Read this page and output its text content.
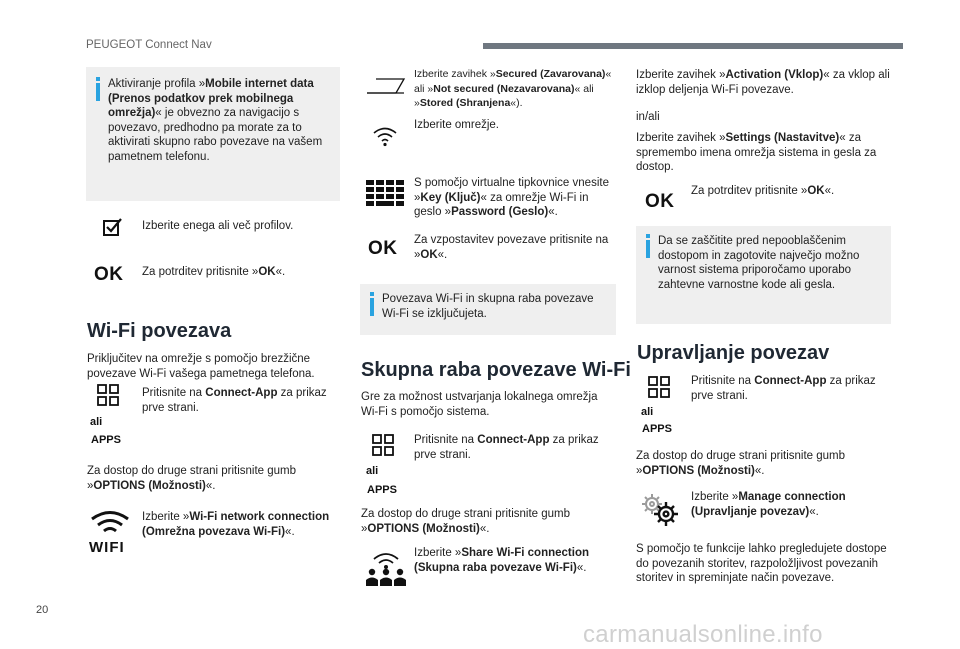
PEUGEOT Connect Nav
Aktiviranje profila »Mobile internet data (Prenos podatkov prek mobilnega omrežja)« je obvezno za navigacijo s povezavo, predhodno pa morate za to aktivirati skupno rabo povezave na vašem pametnem telefonu.
Izberite enega ali več profilov.
OK Za potrditev pritisnite »OK«.
Wi-Fi povezava
Priključitev na omrežje s pomočjo brezžične povezave Wi-Fi vašega pametnega telefona.
ali
APPS
Pritisnite na Connect-App za prikaz prve strani.
Za dostop do druge strani pritisnite gumb »OPTIONS (Možnosti)«.
WIFI
Izberite »Wi-Fi network connection (Omrežna povezava Wi-Fi)«.
Izberite zavihek »Secured (Zavarovana)« ali »Not secured (Nezavarovana)« ali »Stored (Shranjena«).
Izberite omrežje.
S pomočjo virtualne tipkovnice vnesite »Key (Ključ)« za omrežje Wi-Fi in geslo »Password (Geslo)«.
OK Za vzpostavitev povezave pritisnite na »OK«.
Povezava Wi-Fi in skupna raba povezave Wi-Fi se izključujeta.
Skupna raba povezave Wi-Fi
Gre za možnost ustvarjanja lokalnega omrežja Wi-Fi s pomočjo sistema.
ali
APPS
Pritisnite na Connect-App za prikaz prve strani.
Za dostop do druge strani pritisnite gumb »OPTIONS (Možnosti)«.
Izberite »Share Wi-Fi connection (Skupna raba povezave Wi-Fi)«.
Izberite zavihek »Activation (Vklop)« za vklop ali izklop deljenja Wi-Fi povezave.
in/ali
Izberite zavihek »Settings (Nastavitve)« za spremembo imena omrežja sistema in gesla za dostop.
OK Za potrditev pritisnite »OK«.
Da se zaščitite pred nepooblaščenim dostopom in zagotovite največjo možno varnost sistema priporočamo uporabo zahtevne varnostne kode ali gesla.
Upravljanje povezav
ali
APPS
Pritisnite na Connect-App za prikaz prve strani.
Za dostop do druge strani pritisnite gumb »OPTIONS (Možnosti)«.
Izberite »Manage connection (Upravljanje povezav)«.
S pomočjo te funkcije lahko pregledujete dostope do povezanih storitev, razpoložljivost povezanih storitev in spreminjate način povezave.
20
carmanualsonline.info
